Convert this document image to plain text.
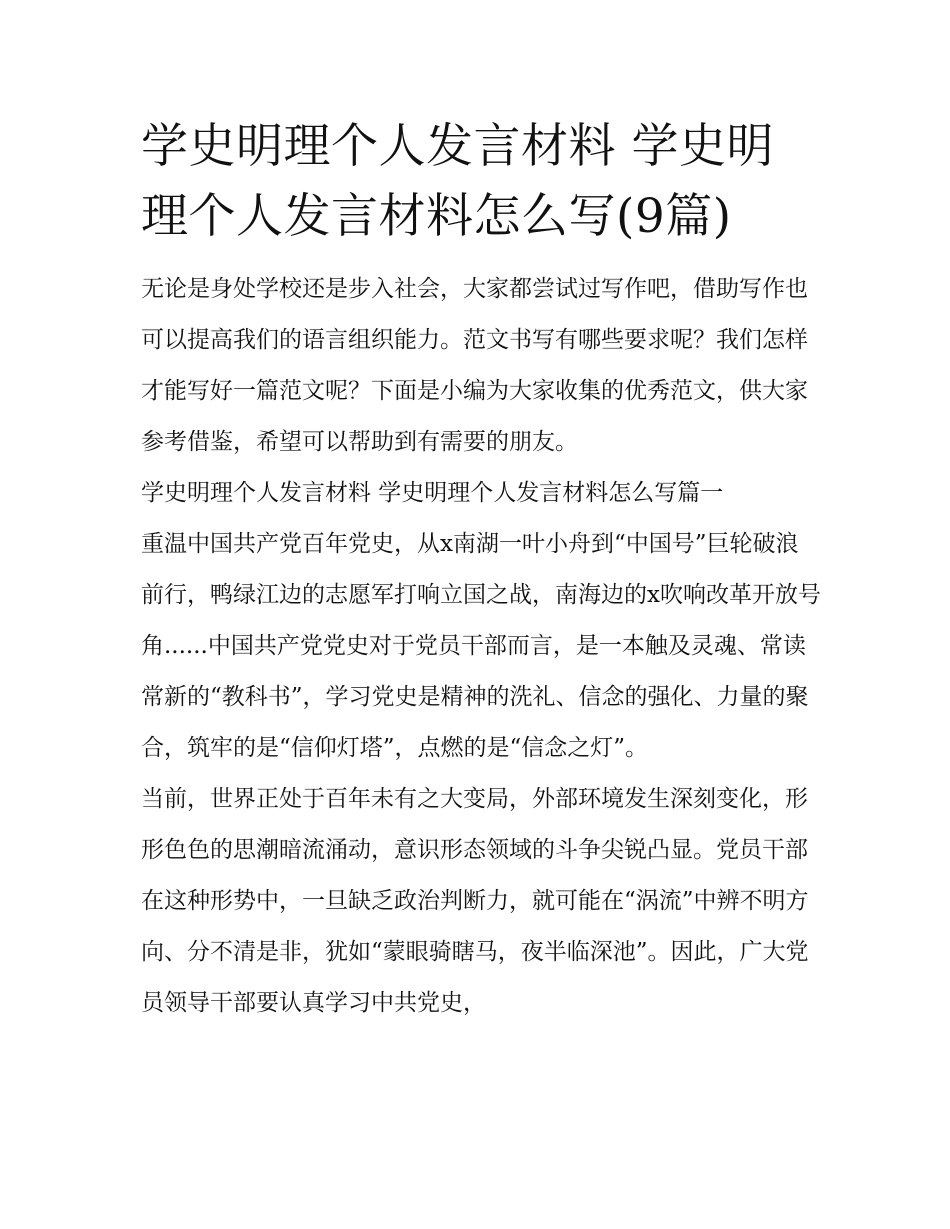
学史明理个人发言材料 学史明理个人发言材料怎么写(9篇)

无论是身处学校还是步入社会，大家都尝试过写作吧，借助写作也可以提高我们的语言组织能力。范文书写有哪些要求呢？我们怎样才能写好一篇范文呢？下面是小编为大家收集的优秀范文，供大家参考借鉴，希望可以帮助到有需要的朋友。

学史明理个人发言材料 学史明理个人发言材料怎么写篇一

重温中国共产党百年党史，从x南湖一叶小舟到“中国号”巨轮破浪前行，鸭绿江边的志愿军打响立国之战，南海边的x吹响改革开放号角......中国共产党党史对于党员干部而言，是一本触及灵魂、常读常新的“教科书”，学习党史是精神的洗礼、信念的强化、力量的聚合，筑牢的是“信仰灯塔”，点燃的是“信念之灯”。

当前，世界正处于百年未有之大变局，外部环境发生深刻变化，形形色色的思潮暗流涌动，意识形态领域的斗争尖锐凸显。党员干部在这种形势中，一旦缺乏政治判断力，就可能在“涡流”中辨不明方向、分不清是非，犹如“蒙眼骑瞎马，夜半临深池”。因此，广大党员领导干部要认真学习中共党史，
